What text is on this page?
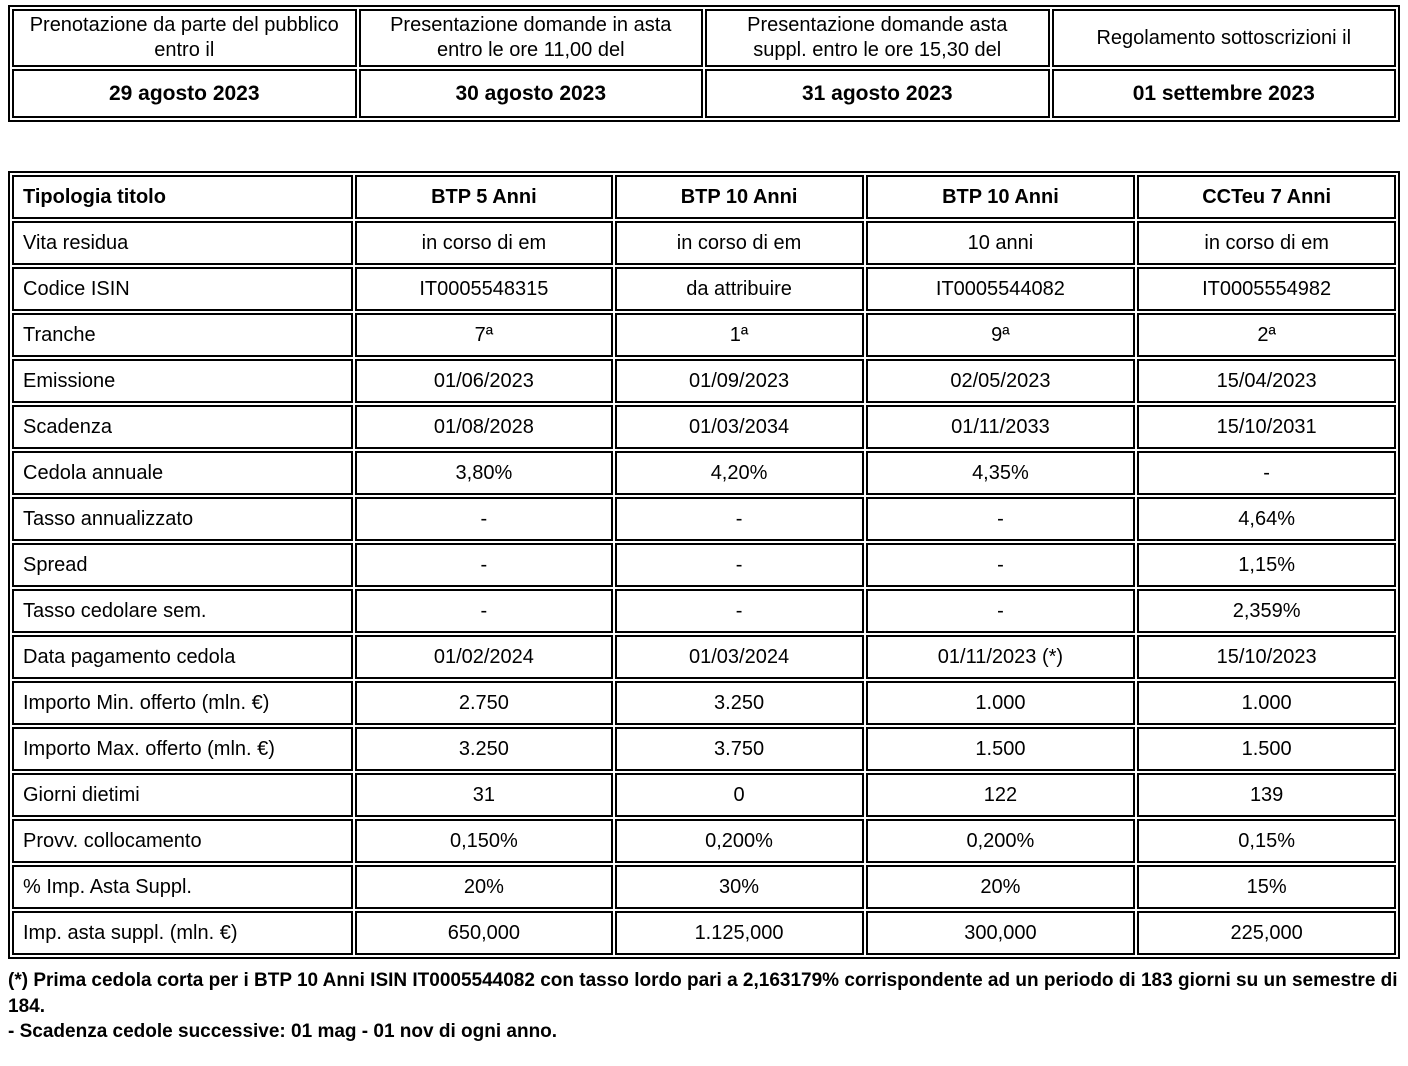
Prenotazione da parte del pubblico entro il	Presentazione domande in asta entro le ore 11,00 del	Presentazione domande asta suppl. entro le ore 15,30 del	Regolamento sottoscrizioni il
29 agosto 2023	30 agosto 2023	31 agosto 2023	01 settembre 2023
Tipologia titolo	BTP 5 Anni	BTP 10 Anni	BTP 10 Anni	CCTeu 7 Anni
Vita residua	in corso di em	in corso di em	10 anni	in corso di em
Codice ISIN	IT0005548315	da attribuire	IT0005544082	IT0005554982
Tranche	7ª	1ª	9ª	2ª
Emissione	01/06/2023	01/09/2023	02/05/2023	15/04/2023
Scadenza	01/08/2028	01/03/2034	01/11/2033	15/10/2031
Cedola annuale	3,80%	4,20%	4,35%	-
Tasso annualizzato	-	-	-	4,64%
Spread	-	-	-	1,15%
Tasso cedolare sem.	-	-	-	2,359%
Data pagamento cedola	01/02/2024	01/03/2024	01/11/2023 (*)	15/10/2023
Importo Min. offerto (mln. €)	2.750	3.250	1.000	1.000
Importo Max. offerto (mln. €)	3.250	3.750	1.500	1.500
Giorni dietimi	31	0	122	139
Provv. collocamento	0,150%	0,200%	0,200%	0,15%
% Imp. Asta Suppl.	20%	30%	20%	15%
Imp. asta suppl. (mln. €)	650,000	1.125,000	300,000	225,000

(*) Prima cedola corta per i BTP 10 Anni ISIN IT0005544082 con tasso lordo pari a 2,163179% corrispondente ad un periodo di 183 giorni su un semestre di 184.

- Scadenza cedole successive: 01 mag - 01 nov di ogni anno.
